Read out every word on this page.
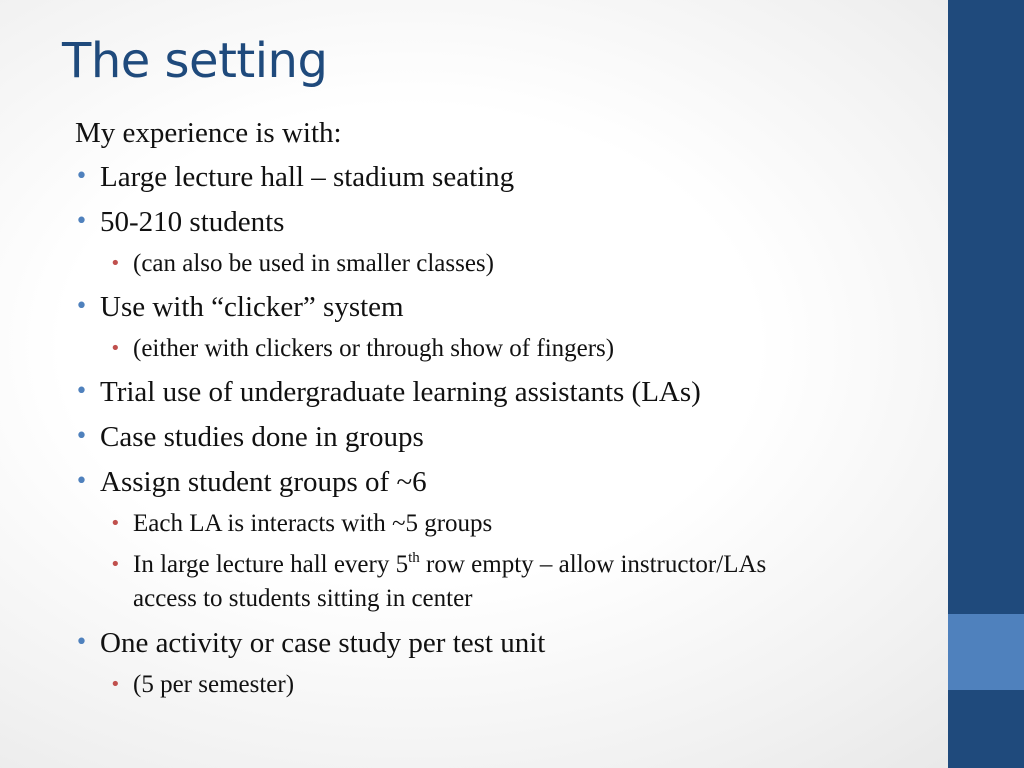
The setting
My experience is with:
• Large lecture hall – stadium seating
• 50-210 students
• (can also be used in smaller classes)
• Use with “clicker” system
• (either with clickers or through show of fingers)
• Trial use of undergraduate learning assistants (LAs)
• Case studies done in groups
• Assign student groups of ~6
• Each LA is interacts with ~5 groups
• In large lecture hall every 5th row empty – allow instructor/LAs access to students sitting in center
• One activity or case study per test unit
• (5 per semester)
